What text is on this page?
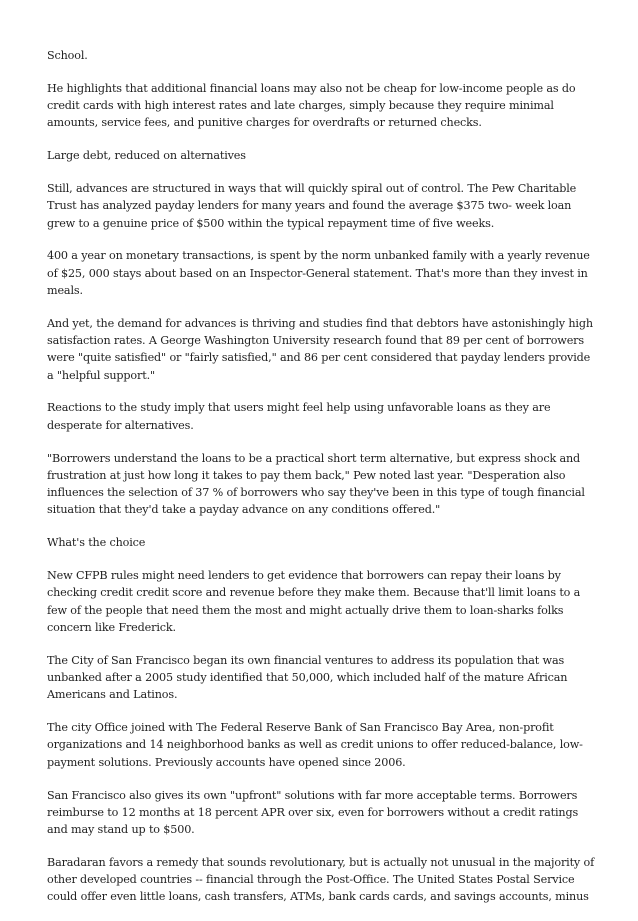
School.

He highlights that additional financial loans may also not be cheap for low-income people as do credit cards with high interest rates and late charges, simply because they require minimal amounts, service fees, and punitive charges for overdrafts or returned checks.

Large debt, reduced on alternatives

Still, advances are structured in ways that will quickly spiral out of control. The Pew Charitable Trust has analyzed payday lenders for many years and found the average $375 two- week loan grew to a genuine price of $500 within the typical repayment time of five weeks.

400 a year on monetary transactions, is spent by the norm unbanked family with a yearly revenue of $25, 000 stays about based on an Inspector-General statement. That's more than they invest in meals.

And yet, the demand for advances is thriving and studies find that debtors have astonishingly high satisfaction rates. A George Washington University research found that 89 per cent of borrowers were "quite satisfied" or "fairly satisfied," and 86 per cent considered that payday lenders provide a "helpful support."

Reactions to the study imply that users might feel help using unfavorable loans as they are desperate for alternatives.

"Borrowers understand the loans to be a practical short term alternative, but express shock and frustration at just how long it takes to pay them back," Pew noted last year. "Desperation also influences the selection of 37 % of borrowers who say they've been in this type of tough financial situation that they'd take a payday advance on any conditions offered."

What's the choice

New CFPB rules might need lenders to get evidence that borrowers can repay their loans by checking credit credit score and revenue before they make them. Because that'll limit loans to a few of the people that need them the most and might actually drive them to loan-sharks folks concern like Frederick.

The City of San Francisco began its own financial ventures to address its population that was unbanked after a 2005 study identified that 50,000, which included half of the mature African Americans and Latinos.

The city Office joined with The Federal Reserve Bank of San Francisco Bay Area, non-profit organizations and 14 neighborhood banks as well as credit unions to offer reduced-balance, low-payment solutions. Previously accounts have opened since 2006.

San Francisco also gives its own "upfront" solutions with far more acceptable terms. Borrowers reimburse to 12 months at 18 percent APR over six, even for borrowers without a credit ratings and may stand up to $500.

Baradaran favors a remedy that sounds revolutionary, but is actually not unusual in the majority of other developed countries -- financial through the Post-Office. The United States Postal Service could offer even little loans, cash transfers, ATMs, bank cards cards, and savings accounts, minus
